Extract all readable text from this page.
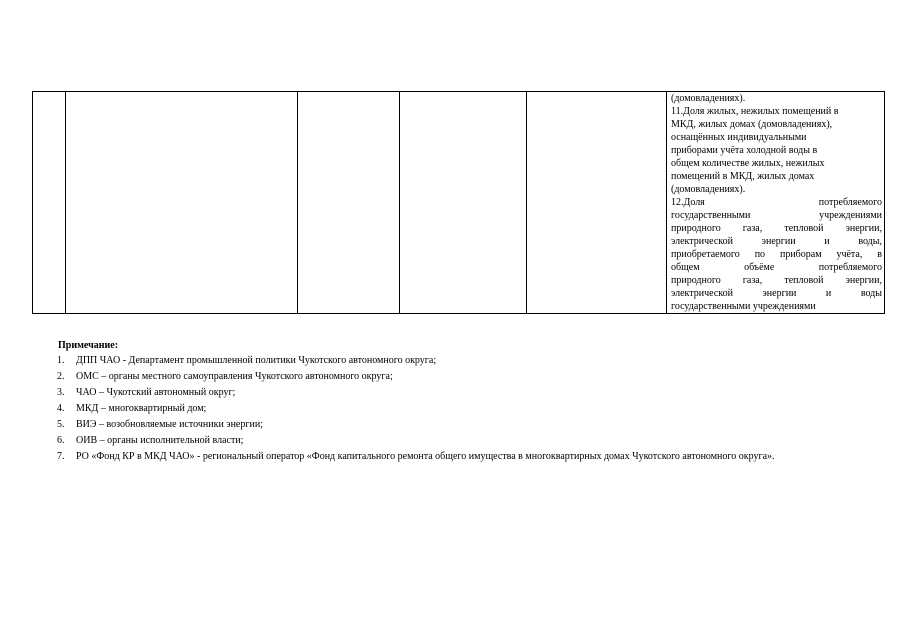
(домовладениях).
11.Доля жилых, нежилых помещений в
МКД, жилых домах (домовладениях),
оснащённых индивидуальными
приборами учёта холодной воды в
общем количестве жилых, нежилых
помещений в МКД, жилых домах
(домовладениях).
12.Доля потребляемого
государственными учреждениями
природного газа, тепловой энергии,
электрической энергии и воды,
приобретаемого по приборам учёта, в
общем объёме потребляемого
природного газа, тепловой энергии,
электрической энергии и воды
государственными учреждениями

Примечание:

1. ДПП ЧАО - Департамент промышленной политики Чукотского автономного округа;
2. ОМС – органы местного самоуправления Чукотского автономного округа;
3. ЧАО – Чукотский автономный округ;
4. МКД – многоквартирный дом;
5. ВИЭ – возобновляемые источники энергии;
6. ОИВ – органы исполнительной власти;
7. РО «Фонд КР в МКД ЧАО» - региональный оператор «Фонд капитального ремонта общего имущества в многоквартирных домах Чукотского автономного округа».
